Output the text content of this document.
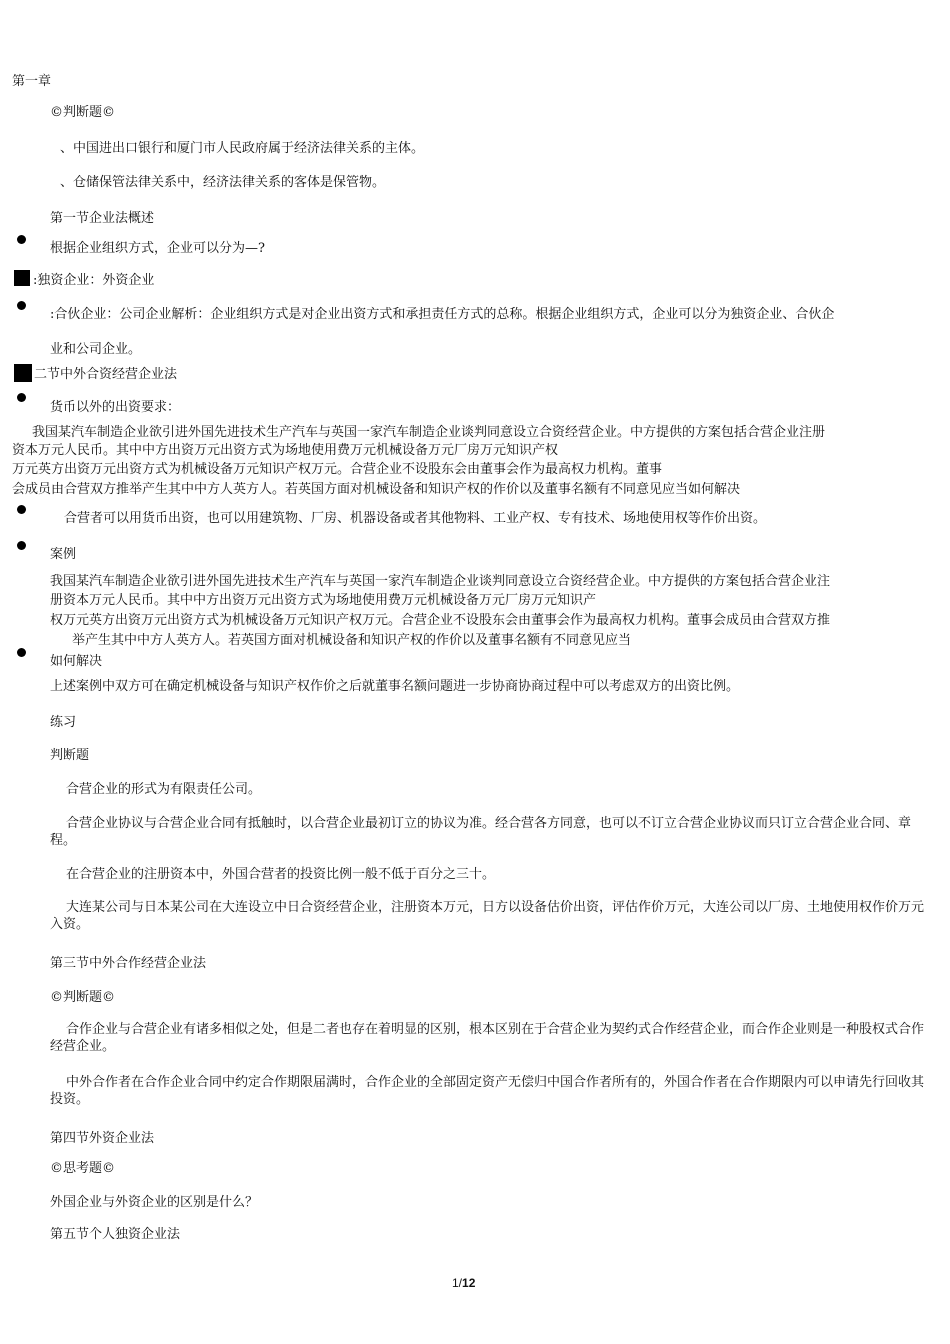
第一章
©判断题©
、中国进出口银行和厦门市人民政府属于经济法律关系的主体。
、仓储保管法律关系中，经济法律关系的客体是保管物。
第一节企业法概述
根据企业组织方式，企业可以分为—?
:独资企业：外资企业
:合伙企业：公司企业解析：企业组织方式是对企业出资方式和承担责任方式的总称。根据企业组织方式，企业可以分为独资企业、合伙企
业和公司企业。
二节中外合资经营企业法
货币以外的出资要求：
我国某汽车制造企业欲引进外国先进技术生产汽车与英国一家汽车制造企业谈判同意设立合资经营企业。中方提供的方案包括合营企业注册
资本万元人民币。其中中方出资万元出资方式为场地使用费万元机械设备万元厂房万元知识产权
万元英方出资万元出资方式为机械设备万元知识产权万元。合营企业不设股东会由董事会作为最高权力机构。董事
会成员由合营双方推举产生其中中方人英方人。若英国方面对机械设备和知识产权的作价以及董事名额有不同意见应当如何解决
合营者可以用货币出资，也可以用建筑物、厂房、机器设备或者其他物料、工业产权、专有技术、场地使用权等作价出资。
案例
我国某汽车制造企业欲引进外国先进技术生产汽车与英国一家汽车制造企业谈判同意设立合资经营企业。中方提供的方案包括合营企业注
册资本万元人民币。其中中方出资万元出资方式为场地使用费万元机械设备万元厂房万元知识产
权万元英方出资万元出资方式为机械设备万元知识产权万元。合营企业不设股东会由董事会作为最高权力机构。董事会成员由合营双方推
举产生其中中方人英方人。若英国方面对机械设备和知识产权的作价以及董事名额有不同意见应当
如何解决
上述案例中双方可在确定机械设备与知识产权作价之后就董事名额问题进一步协商协商过程中可以考虑双方的出资比例。
练习
判断题
合营企业的形式为有限责任公司。
合营企业协议与合营企业合同有抵触时，以合营企业最初订立的协议为准。经合营各方同意，也可以不订立合营企业协议而只订立合营企业合同、章程。
在合营企业的注册资本中，外国合营者的投资比例一般不低于百分之三十。
大连某公司与日本某公司在大连设立中日合资经营企业，注册资本万元，日方以设备估价出资，评估作价万元，大连公司以厂房、土地使用权作价万元入资。
第三节中外合作经营企业法
©判断题©
合作企业与合营企业有诸多相似之处，但是二者也存在着明显的区别，根本区别在于合营企业为契约式合作经营企业，而合作企业则是一种股权式合作经营企业。
中外合作者在合作企业合同中约定合作期限届满时，合作企业的全部固定资产无偿归中国合作者所有的，外国合作者在合作期限内可以申请先行回收其投资。
第四节外资企业法
©思考题©
外国企业与外资企业的区别是什么？
第五节个人独资企业法
1/12
